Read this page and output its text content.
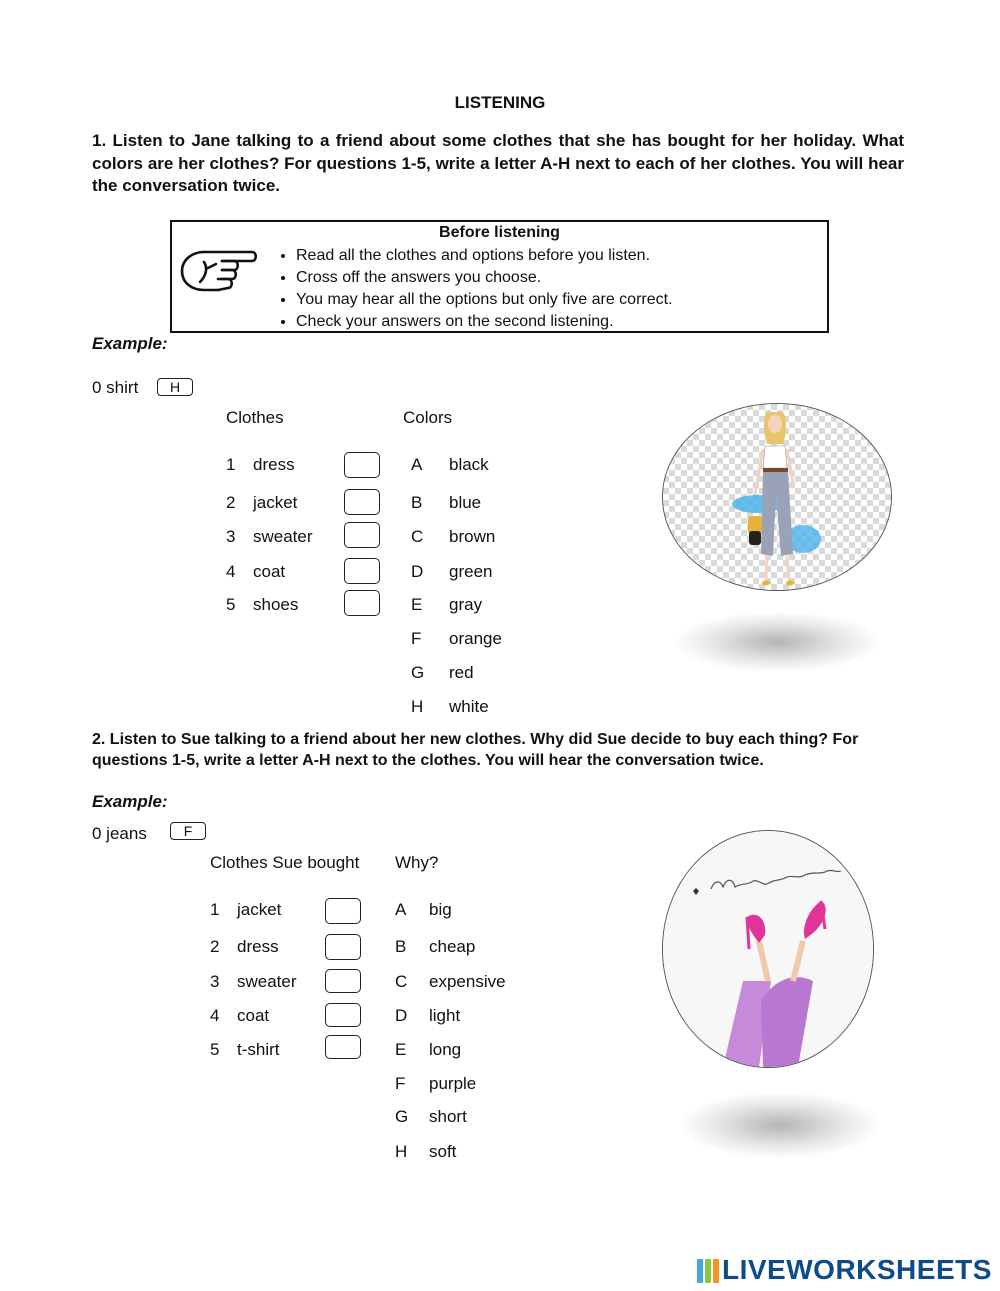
LISTENING
1. Listen to Jane talking to a friend about some clothes that she has bought for her holiday. What colors are her clothes? For questions 1-5, write a letter A-H next to each of her clothes. You will hear the conversation twice.
Before listening
• Read all the clothes and options before you listen.
• Cross off the answers you choose.
• You may hear all the options but only five are correct.
• Check your answers on the second listening.
Example:
0 shirt	H
Clothes	Colors
1 dress
2 jacket
3 sweater
4 coat
5 shoes
A black
B blue
C brown
D green
E gray
F orange
G red
H white
2. Listen to Sue talking to a friend about her new clothes. Why did Sue decide to buy each thing? For questions 1-5, write a letter A-H next to the clothes. You will hear the conversation twice.
Example:
0 jeans	F
Clothes Sue bought Why?
1 jacket
2 dress
3 sweater
4 coat
5 t-shirt
A big
B cheap
C expensive
D light
E long
F purple
G short
H soft
LIVEWORKSHEETS
